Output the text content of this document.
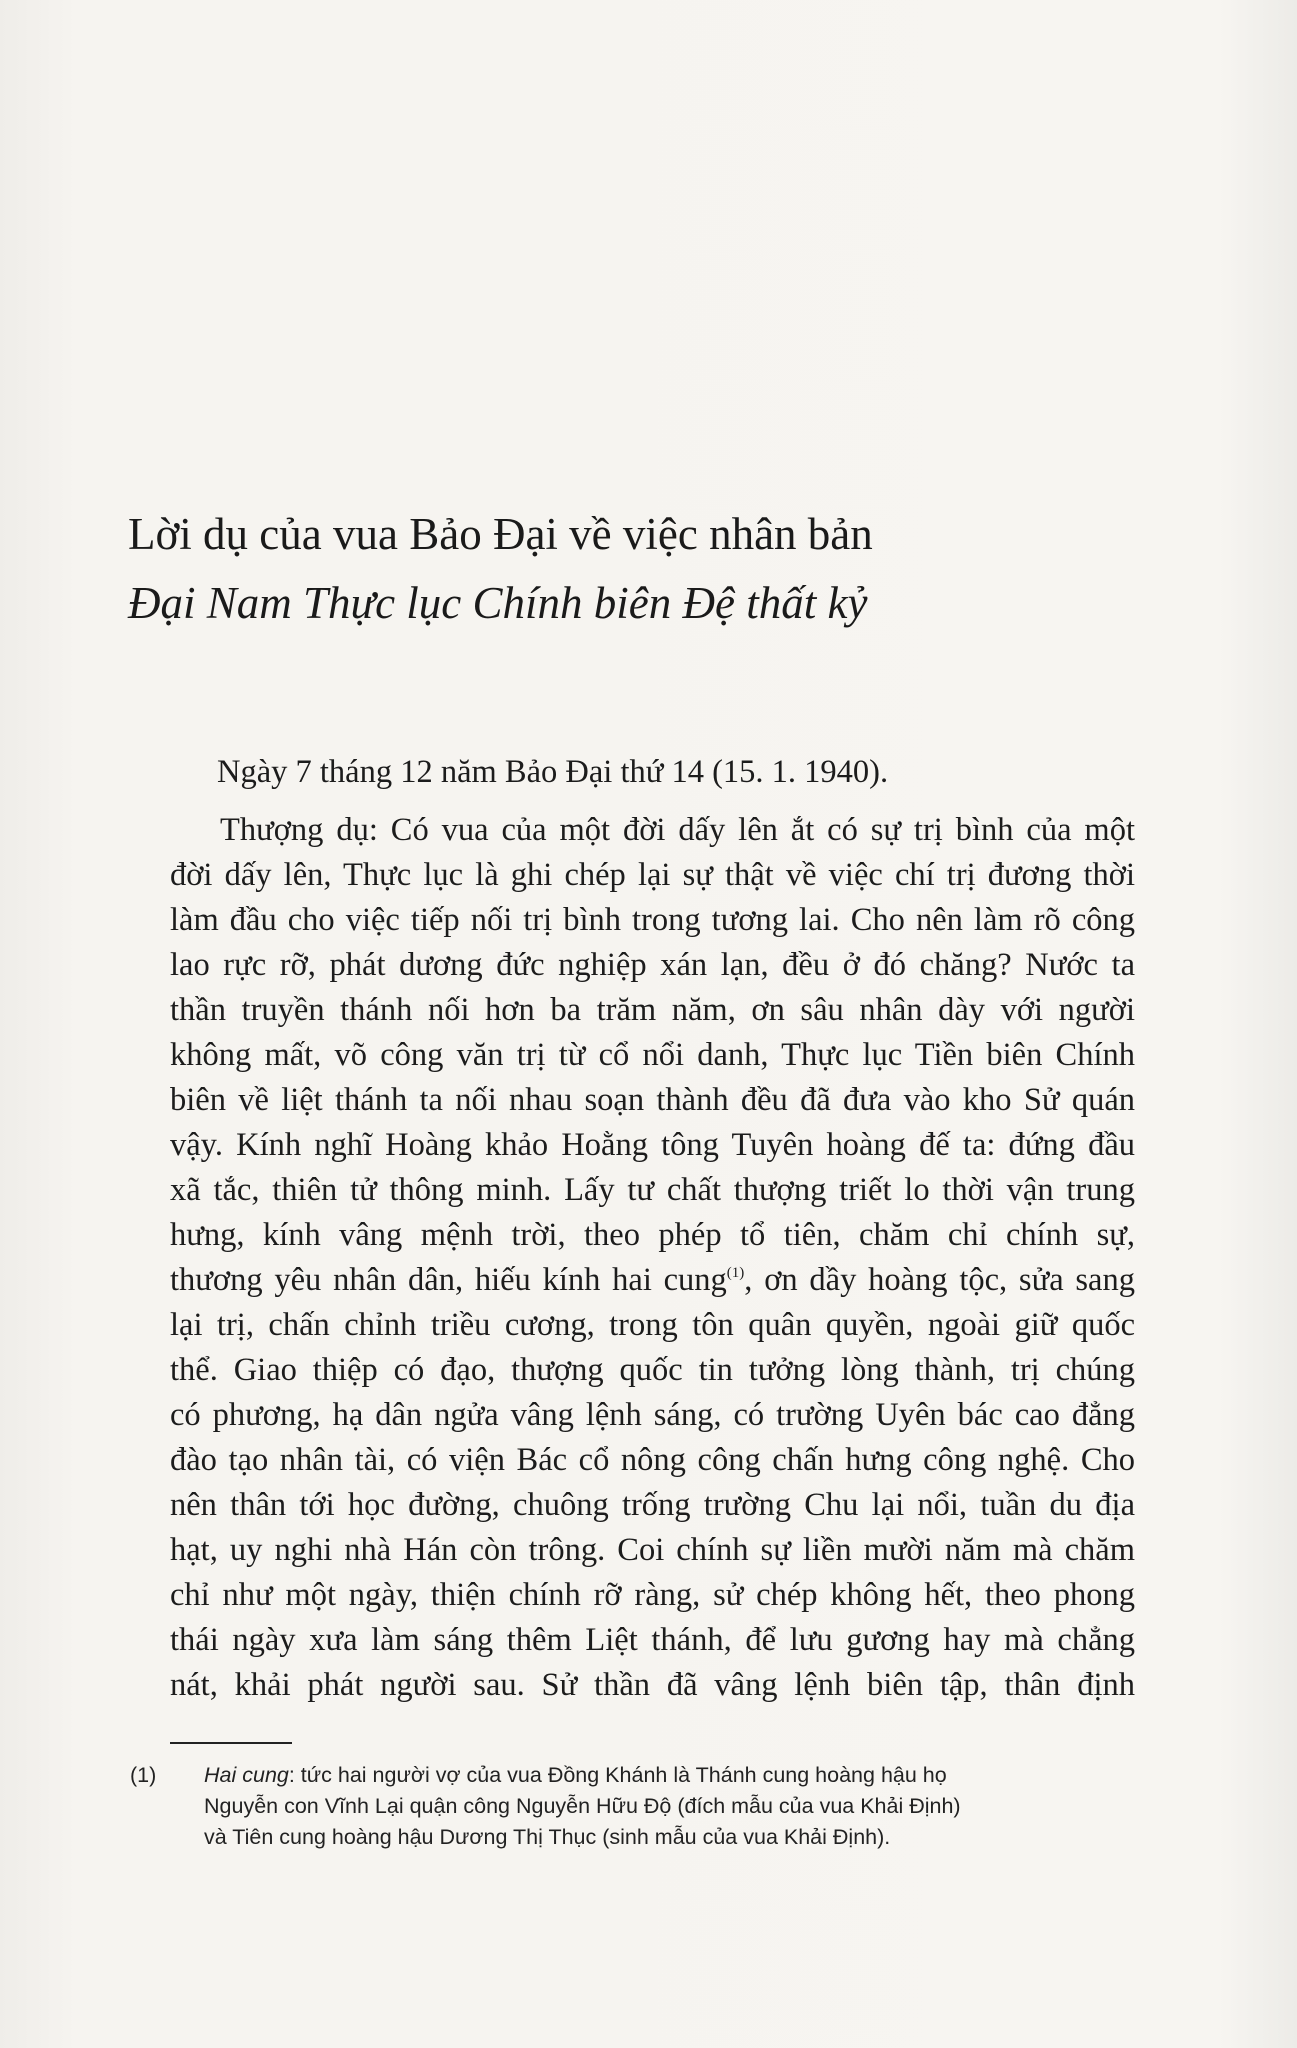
Lời dụ của vua Bảo Đại về việc nhân bản
Đại Nam Thực lục Chính biên Đệ thất kỷ

Ngày 7 tháng 12 năm Bảo Đại thứ 14 (15. 1. 1940).

Thượng dụ: Có vua của một đời dấy lên ắt có sự trị bình của một
đời dấy lên, Thực lục là ghi chép lại sự thật về việc chí trị đương thời
làm đầu cho việc tiếp nối trị bình trong tương lai. Cho nên làm rõ công
lao rực rỡ, phát dương đức nghiệp xán lạn, đều ở đó chăng? Nước ta
thần truyền thánh nối hơn ba trăm năm, ơn sâu nhân dày với người
không mất, võ công văn trị từ cổ nổi danh, Thực lục Tiền biên Chính
biên về liệt thánh ta nối nhau soạn thành đều đã đưa vào kho Sử quán
vậy. Kính nghĩ Hoàng khảo Hoằng tông Tuyên hoàng đế ta: đứng đầu
xã tắc, thiên tử thông minh. Lấy tư chất thượng triết lo thời vận trung
hưng, kính vâng mệnh trời, theo phép tổ tiên, chăm chỉ chính sự,
thương yêu nhân dân, hiếu kính hai cung$^{(1)}$, ơn dầy hoàng tộc, sửa sang
lại trị, chấn chỉnh triều cương, trong tôn quân quyền, ngoài giữ quốc
thể. Giao thiệp có đạo, thượng quốc tin tưởng lòng thành, trị chúng
có phương, hạ dân ngửa vâng lệnh sáng, có trường Uyên bác cao đẳng
đào tạo nhân tài, có viện Bác cổ nông công chấn hưng công nghệ. Cho
nên thân tới học đường, chuông trống trường Chu lại nổi, tuần du địa
hạt, uy nghi nhà Hán còn trông. Coi chính sự liền mười năm mà chăm
chỉ như một ngày, thiện chính rỡ ràng, sử chép không hết, theo phong
thái ngày xưa làm sáng thêm Liệt thánh, để lưu gương hay mà chẳng
nát, khải phát người sau. Sử thần đã vâng lệnh biên tập, thân định
(1) Hai cung: tức hai người vợ của vua Đồng Khánh là Thánh cung hoàng hậu họ
Nguyễn con Vĩnh Lại quận công Nguyễn Hữu Độ (đích mẫu của vua Khải Định)
và Tiên cung hoàng hậu Dương Thị Thục (sinh mẫu của vua Khải Định).
